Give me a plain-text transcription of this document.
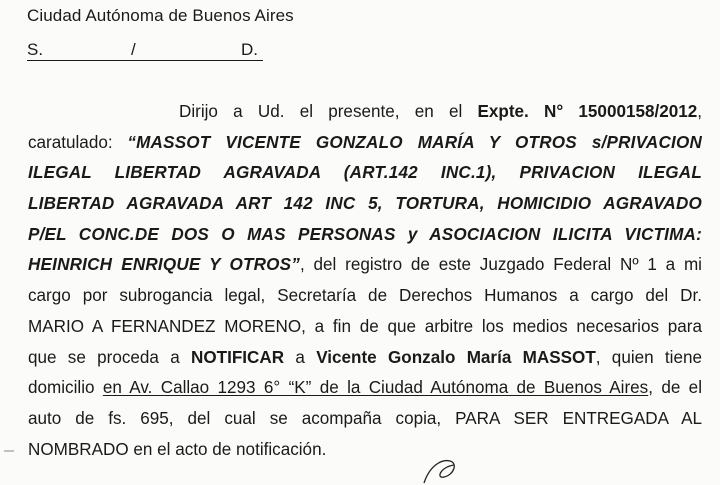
Ciudad Autónoma de Buenos Aires
S.	/	D.
Dirijo a Ud. el presente, en el Expte. N° 15000158/2012,
caratulado: “MASSOT VICENTE GONZALO MARÍA Y OTROS s/PRIVACION
ILEGAL LIBERTAD AGRAVADA (ART.142 INC.1), PRIVACION ILEGAL
LIBERTAD AGRAVADA ART 142 INC 5, TORTURA, HOMICIDIO AGRAVADO
P/EL CONC.DE DOS O MAS PERSONAS y ASOCIACION ILICITA VICTIMA:
HEINRICH ENRIQUE Y OTROS”, del registro de este Juzgado Federal Nº 1 a mi
cargo por subrogancia legal, Secretaría de Derechos Humanos a cargo del Dr.
MARIO A FERNANDEZ MORENO, a fin de que arbitre los medios necesarios para
que se proceda a NOTIFICAR a Vicente Gonzalo María MASSOT, quien tiene
domicilio en Av. Callao 1293 6° “K” de la Ciudad Autónoma de Buenos Aires, de el
auto de fs. 695, del cual se acompaña copia, PARA SER ENTREGADA AL
NOMBRADO en el acto de notificación.
